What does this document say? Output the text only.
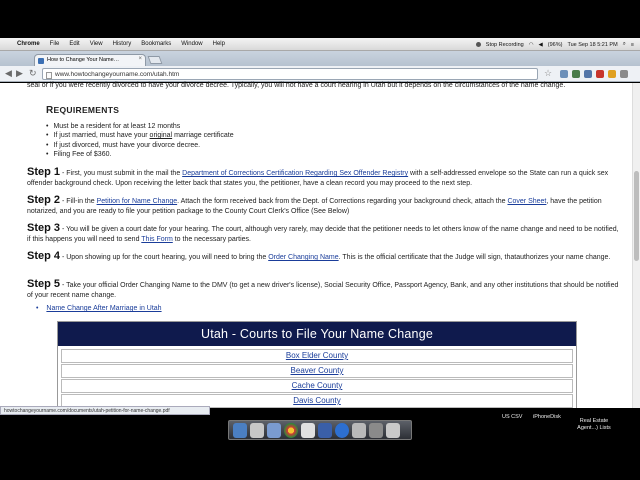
Chrome File Edit View History Bookmarks Window Help	Stop Recording ◠ ◀ (96%) Tue Sep 18 5:21 PM ⌕ ≡
How to Change Your Name…	×
◀ ▶ ↻	www.howtochangeyourname.com/utah.htm	☆
seal or if you were recently divorced to have your divorce decree. Typically, you will not have a court hearing in Utah but it depends on the circumstances of the name change.
REQUIREMENTS
• Must be a resident for at least 12 months
• If just married, must have your original marriage certificate
• If just divorced, must have your divorce decree.
• Filing Fee of $360.
Step 1 - First, you must submit in the mail the Department of Corrections Certification Regarding Sex Offender Registry with a self-addressed envelope so the State can run a quick sex offender background check. Upon receiving the letter back that states you, the petitioner, have a clean record you may proceed to the next step.
Step 2 - Fill-in the Petition for Name Change. Attach the form received back from the Dept. of Corrections regarding your background check, attach the Cover Sheet, have the petition notarized, and you are ready to file your petition package to the County Court Clerk's Office (See Below)
Step 3 - You will be given a court date for your hearing. The court, although very rarely, may decide that the petitioner needs to let others know of the name change and need to be notified, if this happens you will need to send This Form to the necessary parties.
Step 4 - Upon showing up for the court hearing, you will need to bring the Order Changing Name. This is the official certificate that the Judge will sign, thatauthorizes your name change.
Step 5 - Take your official Order Changing Name to the DMV (to get a new driver's license), Social Security Office, Passport Agency, Bank, and any other institutions that should be notified of your recent name change.
• Name Change After Marriage in Utah
Utah - Courts to File Your Name Change
Box Elder County
Beaver County
Cache County
Davis County
howtochangeyourname.com/documents/utah-petition-for-name-change.pdf
US CSV iPhoneDisk
Real Estate
Agent...) Lists
